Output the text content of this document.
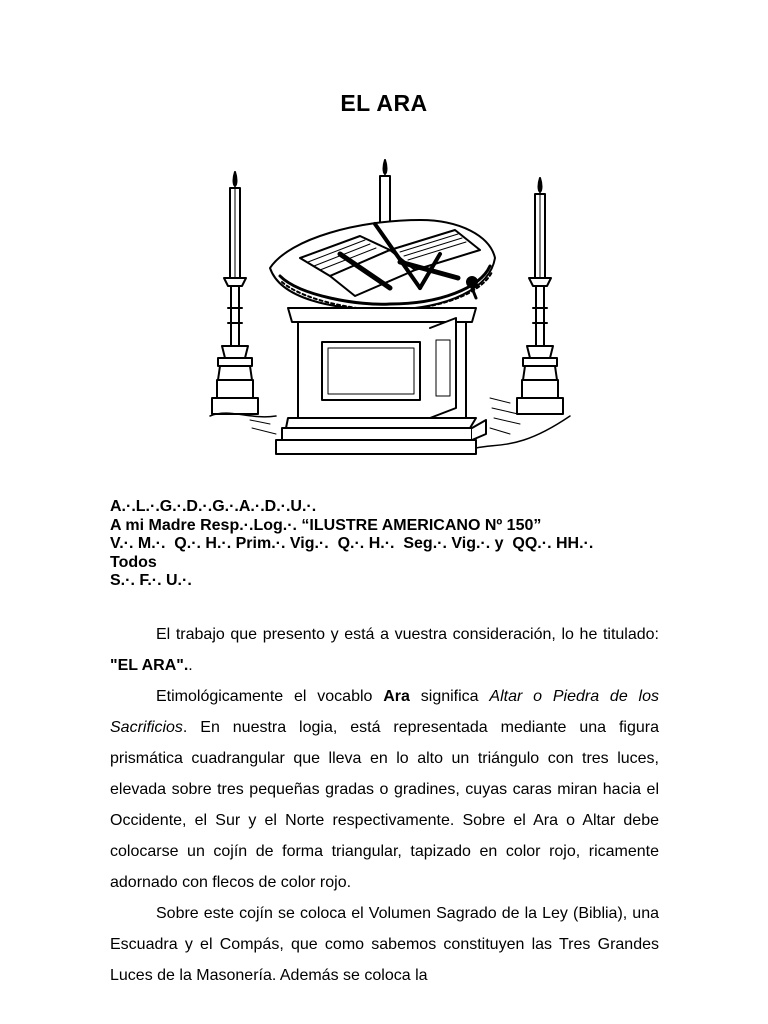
EL ARA
A.·.L.·.G.·.D.·.G.·.A.·.D.·.U.·.
A mi Madre Resp.·.Log.·. “ILUSTRE AMERICANO Nº 150”
V.·. M.·.  Q.·. H.·. Prim.·. Vig.·.  Q.·. H.·.  Seg.·. Vig.·. y  QQ.·. HH.·.
Todos
S.·. F.·. U.·.

El trabajo que presento y está a vuestra consideración, lo he titulado: "EL ARA"..

Etimológicamente el vocablo Ara significa Altar o Piedra de los Sacrificios. En nuestra logia, está representada mediante una figura prismática cuadrangular que lleva en lo alto un triángulo con tres luces, elevada sobre tres pequeñas gradas o gradines, cuyas caras miran hacia el Occidente, el Sur y el Norte respectivamente. Sobre el Ara o Altar debe colocarse un cojín de forma triangular, tapizado en color rojo, ricamente adornado con flecos de color rojo.

Sobre este cojín se coloca el Volumen Sagrado de la Ley (Biblia), una Escuadra y el Compás, que como sabemos constituyen las Tres Grandes Luces de la Masonería. Además se coloca la
